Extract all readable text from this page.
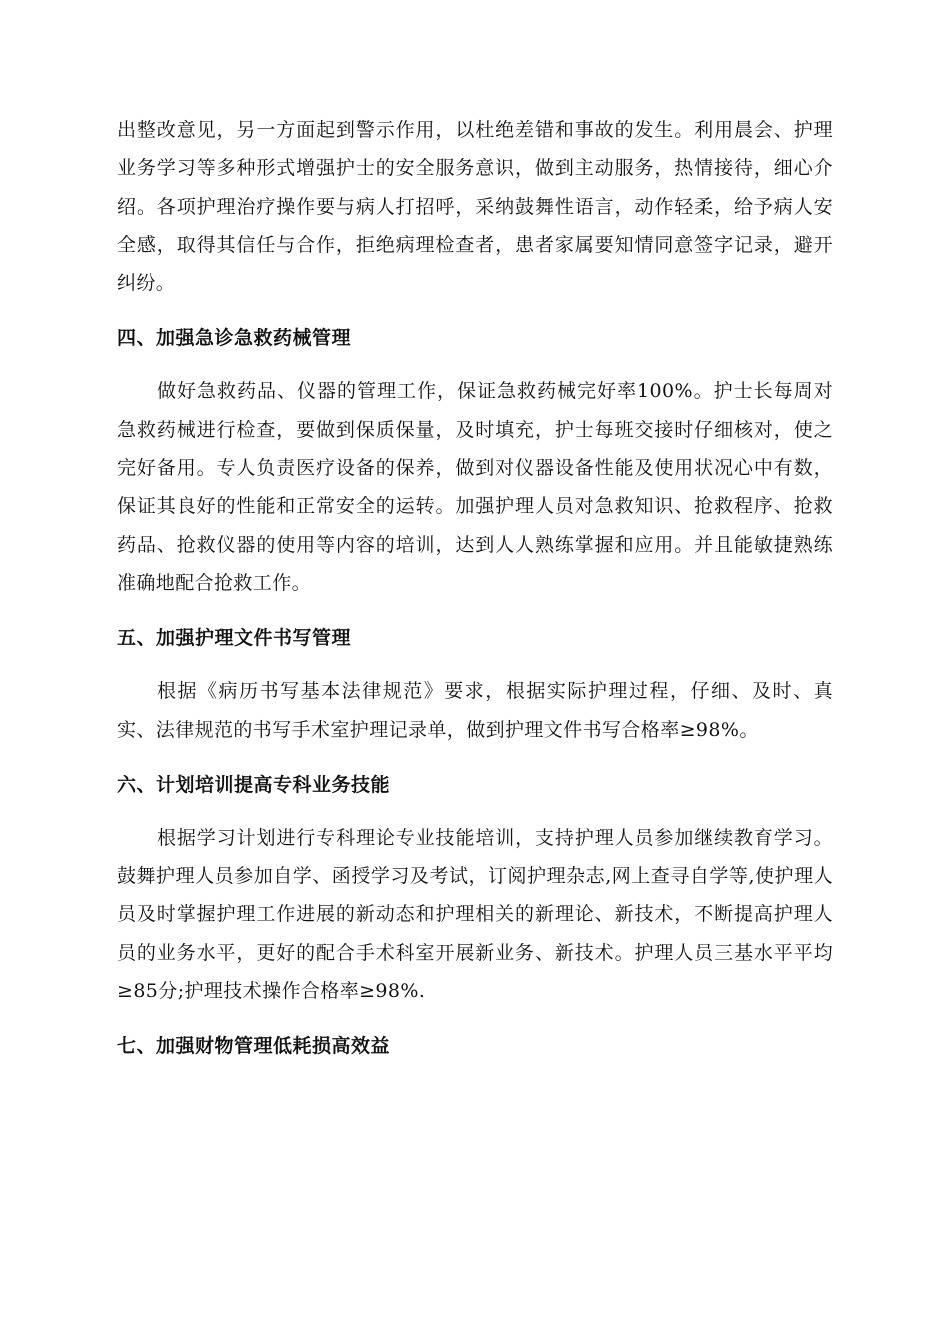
出整改意见，另一方面起到警示作用，以杜绝差错和事故的发生。利用晨会、护理业务学习等多种形式增强护士的安全服务意识，做到主动服务，热情接待，细心介绍。各项护理治疗操作要与病人打招呼，采纳鼓舞性语言，动作轻柔，给予病人安全感，取得其信任与合作，拒绝病理检查者，患者家属要知情同意签字记录，避开纠纷。

四、加强急诊急救药械管理

做好急救药品、仪器的管理工作，保证急救药械完好率100%。护士长每周对急救药械进行检查，要做到保质保量，及时填充，护士每班交接时仔细核对，使之完好备用。专人负责医疗设备的保养，做到对仪器设备性能及使用状况心中有数，保证其良好的性能和正常安全的运转。加强护理人员对急救知识、抢救程序、抢救药品、抢救仪器的使用等内容的培训，达到人人熟练掌握和应用。并且能敏捷熟练准确地配合抢救工作。

五、加强护理文件书写管理

根据《病历书写基本法律规范》要求，根据实际护理过程，仔细、及时、真实、法律规范的书写手术室护理记录单，做到护理文件书写合格率≥98%。

六、计划培训提高专科业务技能

根据学习计划进行专科理论专业技能培训，支持护理人员参加继续教育学习。鼓舞护理人员参加自学、函授学习及考试，订阅护理杂志,网上查寻自学等,使护理人员及时掌握护理工作进展的新动态和护理相关的新理论、新技术，不断提高护理人员的业务水平，更好的配合手术科室开展新业务、新技术。护理人员三基水平平均≥85分;护理技术操作合格率≥98%.

七、加强财物管理低耗损高效益
